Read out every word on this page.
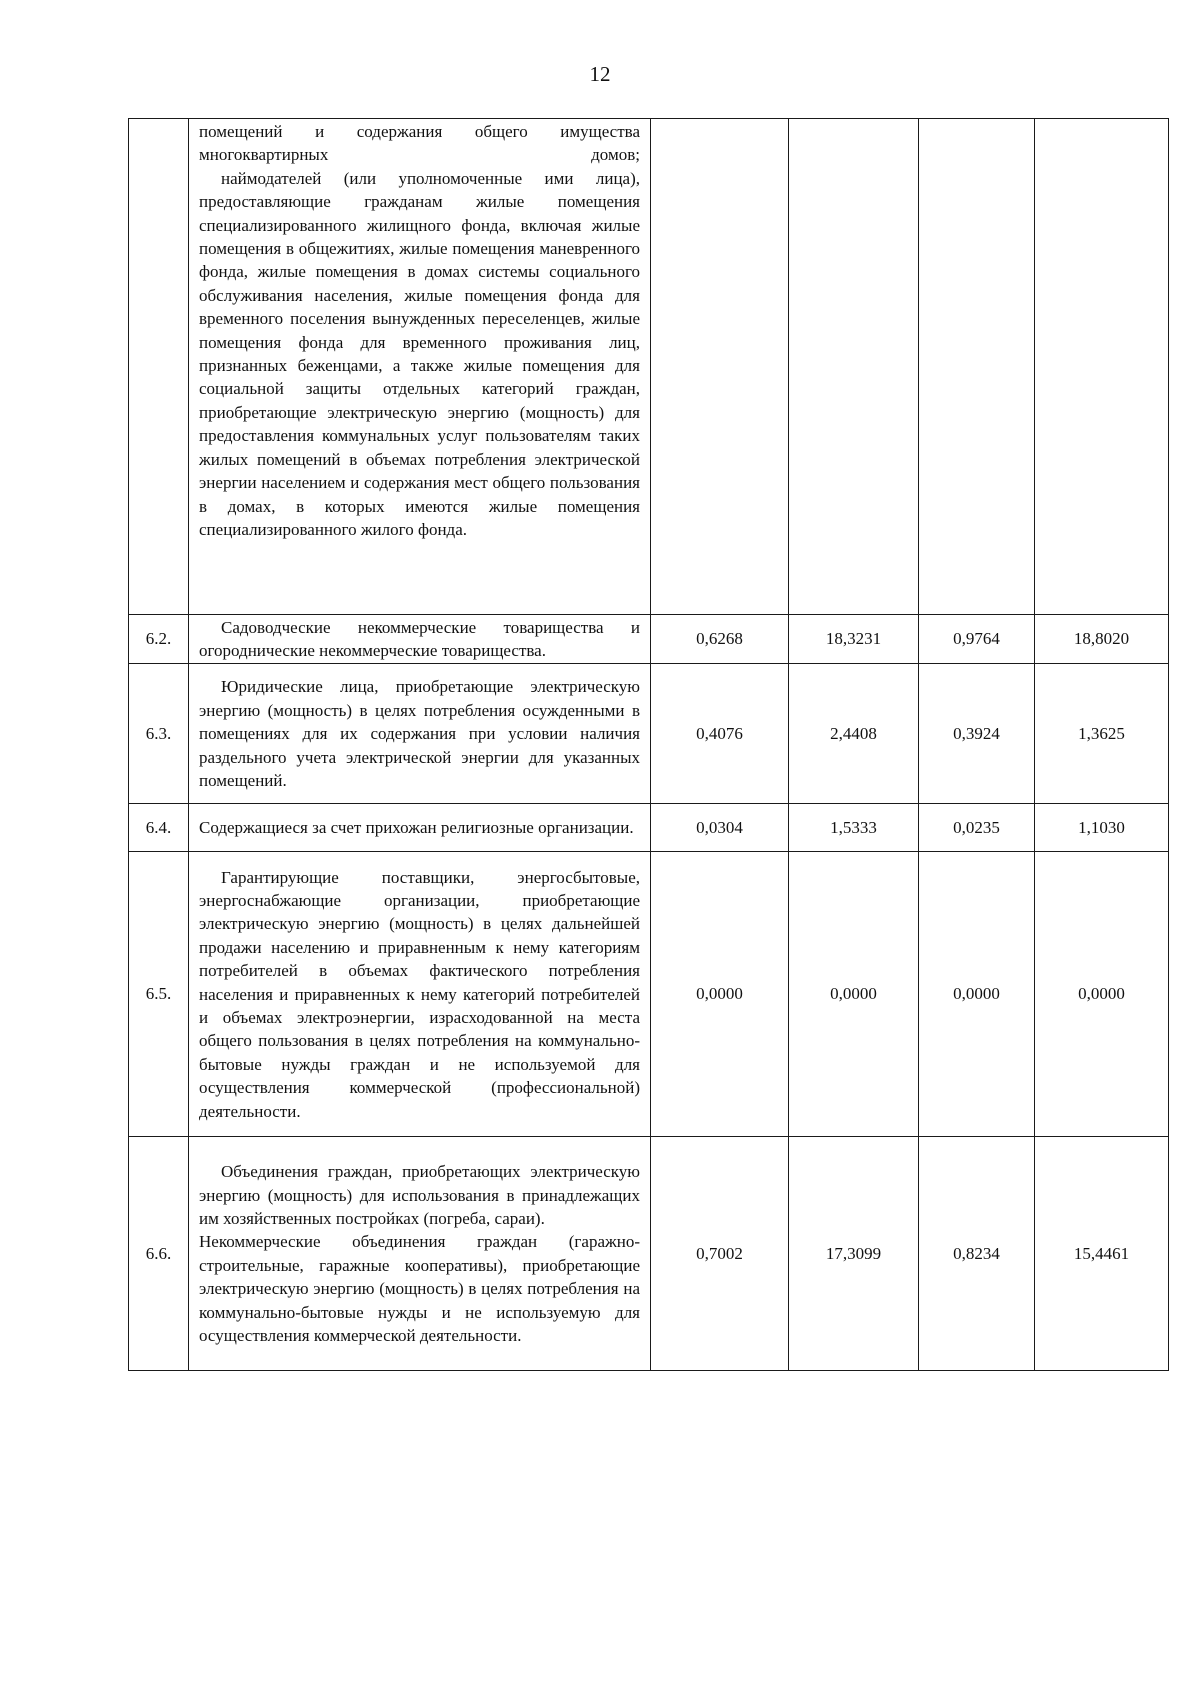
12

	помещений и содержания общего имущества многоквартирных домов;
наймодателей (или уполномоченные ими лица), предоставляющие гражданам жилые помещения специализированного жилищного фонда, включая жилые помещения в общежитиях, жилые помещения маневренного фонда, жилые помещения в домах системы социального обслуживания населения, жилые помещения фонда для временного поселения вынужденных переселенцев, жилые помещения фонда для временного проживания лиц, признанных беженцами, а также жилые помещения для социальной защиты отдельных категорий граждан, приобретающие электрическую энергию (мощность) для предоставления коммунальных услуг пользователям таких жилых помещений в объемах потребления электрической энергии населением и содержания мест общего пользования в домах, в которых имеются жилые помещения специализированного жилого фонда.				

6.2.	Садоводческие некоммерческие товарищества и огороднические некоммерческие товарищества.	0,6268	18,3231	0,9764	18,8020
6.3.	Юридические лица, приобретающие электрическую энергию (мощность) в целях потребления осужденными в помещениях для их содержания при условии наличия раздельного учета электрической энергии для указанных помещений.	0,4076	2,4408	0,3924	1,3625
6.4.	Содержащиеся за счет прихожан религиозные организации.	0,0304	1,5333	0,0235	1,1030
6.5.	Гарантирующие поставщики, энергосбытовые, энергоснабжающие организации, приобретающие электрическую энергию (мощность) в целях дальнейшей продажи населению и приравненным к нему категориям потребителей в объемах фактического потребления населения и приравненных к нему категорий потребителей и объемах электроэнергии, израсходованной на места общего пользования в целях потребления на коммунально-бытовые нужды граждан и не используемой для осуществления коммерческой (профессиональной) деятельности.	0,0000	0,0000	0,0000	0,0000
6.6.	Объединения граждан, приобретающих электрическую энергию (мощность) для использования в принадлежащих им хозяйственных постройках (погреба, сараи).
Некоммерческие объединения граждан (гаражно-строительные, гаражные кооперативы), приобретающие электрическую энергию (мощность) в целях потребления на коммунально-бытовые нужды и не используемую для осуществления коммерческой деятельности.	0,7002	17,3099	0,8234	15,4461
